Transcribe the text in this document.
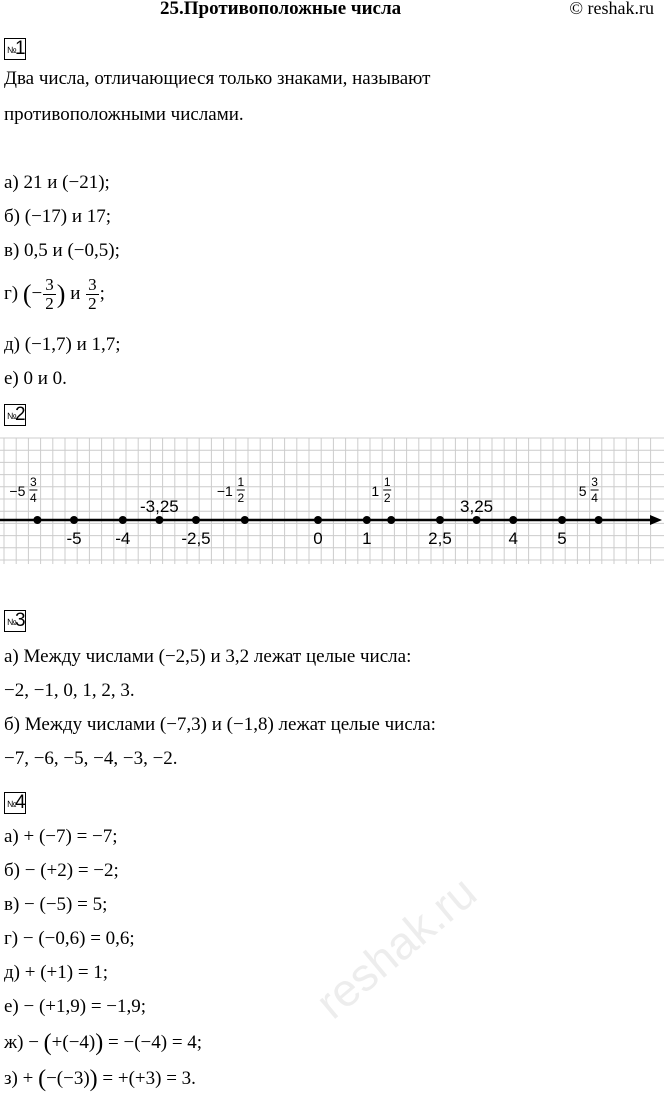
25.Противоположные числа	© reshak.ru
№
1
Два числа, отличающиеся только знаками, называют
противоположными числами.
а) 21 и (−21);
б) (−17) и 17;
в) 0,5 и (−0,5);
г) (− $\frac{3}{2}$ ) и $\frac{3}{2}$ ;
д) (−1,7) и 1,7;
е) 0 и 0.
№
2
−5
3
4
-5 -4
-3,25
-2,5
−1
1
2
0 1
1
1
2
2,5
3,25
4 5
5
3
4
№
3
а) Между числами (−2,5) и 3,2 лежат целые числа:
−2, −1, 0, 1, 2, 3.
б) Между числами (−7,3) и (−1,8) лежат целые числа:
−7, −6, −5, −4, −3, −2.
№
4
а) + (−7) = −7;
б) − (+2) = −2;
в) − (−5) = 5;
г) − (−0,6) = 0,6;
д) + (+1) = 1;
е) − (+1,9) = −1,9;
ж) − (+(−4)) = −(−4) = 4;
з) + (−(−3)) = +(+3) = 3.
reshak.ru
